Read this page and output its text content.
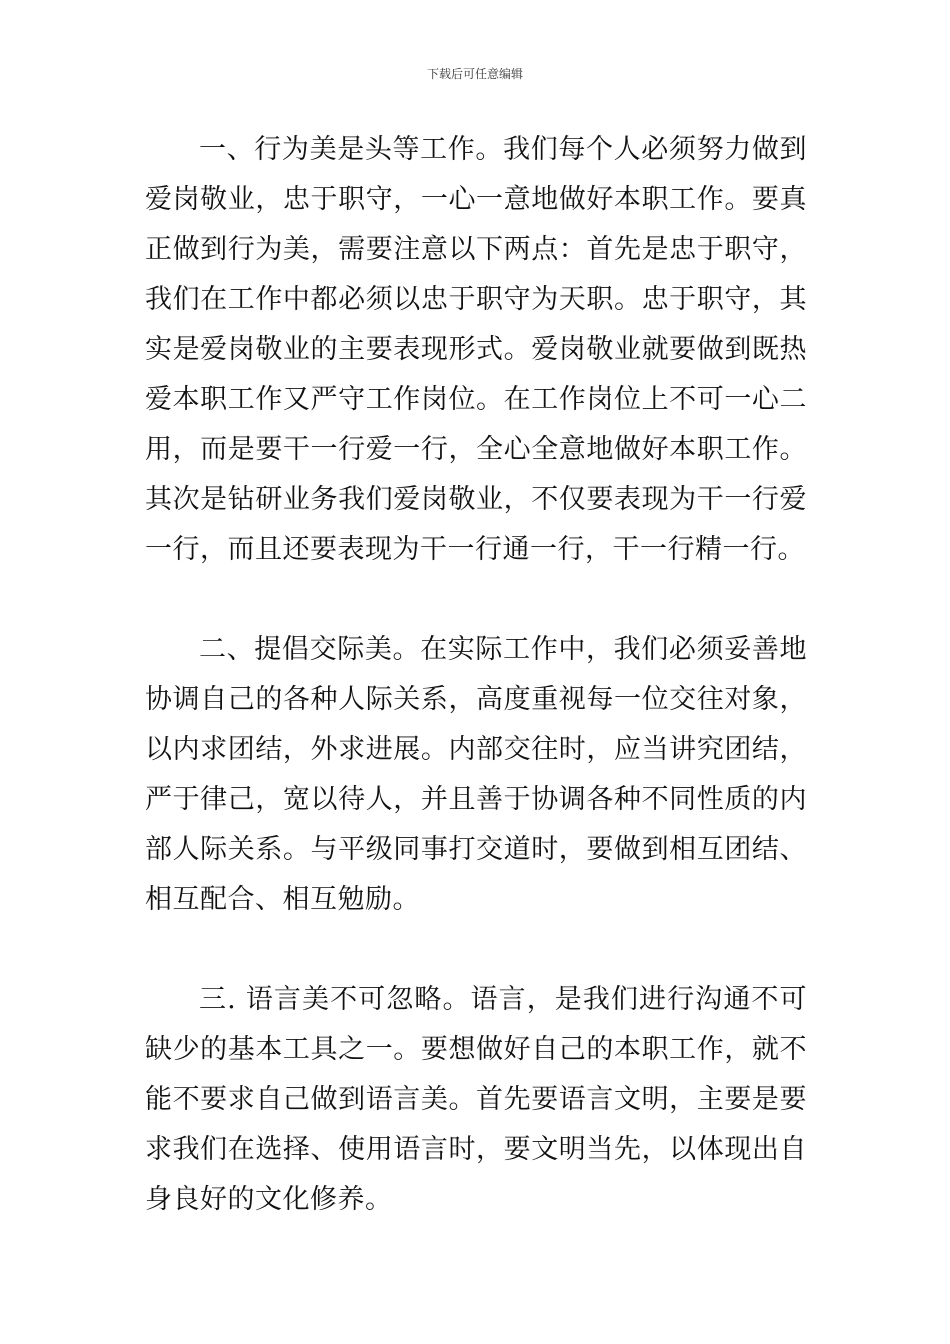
下载后可任意编辑

一、行为美是头等工作。我们每个人必须努力做到爱岗敬业，忠于职守，一心一意地做好本职工作。要真正做到行为美，需要注意以下两点：首先是忠于职守，我们在工作中都必须以忠于职守为天职。忠于职守，其实是爱岗敬业的主要表现形式。爱岗敬业就要做到既热爱本职工作又严守工作岗位。在工作岗位上不可一心二用，而是要干一行爱一行，全心全意地做好本职工作。其次是钻研业务我们爱岗敬业，不仅要表现为干一行爱一行，而且还要表现为干一行通一行，干一行精一行。

二、提倡交际美。在实际工作中，我们必须妥善地协调自己的各种人际关系，高度重视每一位交往对象，以内求团结，外求进展。内部交往时，应当讲究团结，严于律己，宽以待人，并且善于协调各种不同性质的内部人际关系。与平级同事打交道时，要做到相互团结、相互配合、相互勉励。

三. 语言美不可忽略。语言，是我们进行沟通不可缺少的基本工具之一。要想做好自己的本职工作，就不能不要求自己做到语言美。首先要语言文明，主要是要求我们在选择、使用语言时，要文明当先，以体现出自身良好的文化修养。
